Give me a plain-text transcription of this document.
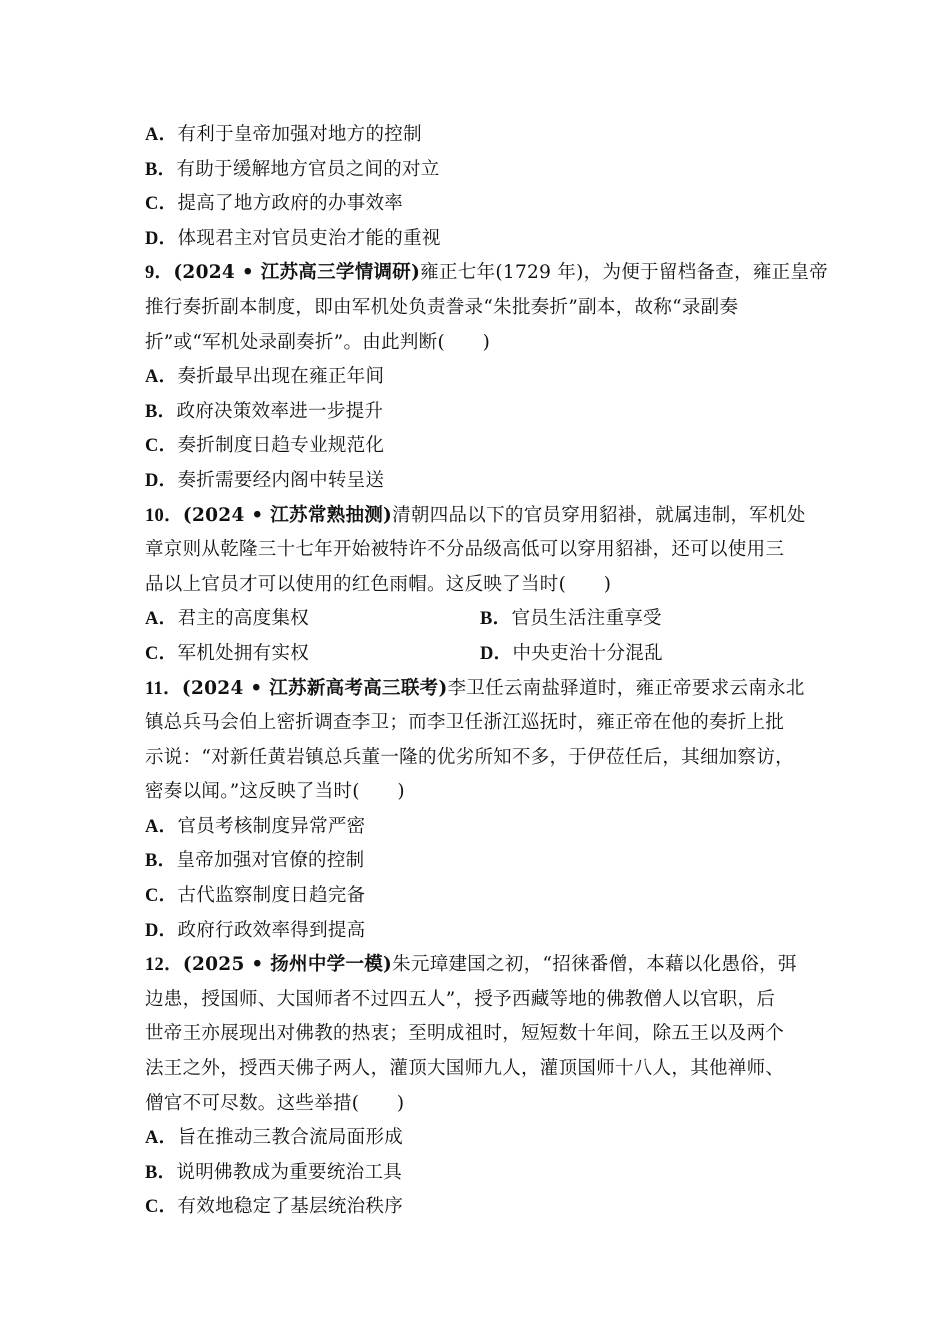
A．有利于皇帝加强对地方的控制
B．有助于缓解地方官员之间的对立
C．提高了地方政府的办事效率
D．体现君主对官员吏治才能的重视
9．(2024 • 江苏高三学情调研)雍正七年(1729 年)，为便于留档备查，雍正皇帝
推行奏折副本制度，即由军机处负责誊录“朱批奏折”副本，故称“录副奏
折”或“军机处录副奏折”。由此判断(　　)
A．奏折最早出现在雍正年间
B．政府决策效率进一步提升
C．奏折制度日趋专业规范化
D．奏折需要经内阁中转呈送
10．(2024 • 江苏常熟抽测)清朝四品以下的官员穿用貂褂，就属违制，军机处
章京则从乾隆三十七年开始被特许不分品级高低可以穿用貂褂，还可以使用三
品以上官员才可以使用的红色雨帽。这反映了当时(　　)
A．君主的高度集权	B．官员生活注重享受
C．军机处拥有实权	D．中央吏治十分混乱
11．(2024 • 江苏新高考高三联考)李卫任云南盐驿道时，雍正帝要求云南永北
镇总兵马会伯上密折调查李卫；而李卫任浙江巡抚时，雍正帝在他的奏折上批
示说：“对新任黄岩镇总兵董一隆的优劣所知不多，于伊莅任后，其细加察访，
密奏以闻。”这反映了当时(　　)
A．官员考核制度异常严密
B．皇帝加强对官僚的控制
C．古代监察制度日趋完备
D．政府行政效率得到提高
12．(2025 • 扬州中学一模)朱元璋建国之初，“招徕番僧，本藉以化愚俗，弭
边患，授国师、大国师者不过四五人”，授予西藏等地的佛教僧人以官职，后
世帝王亦展现出对佛教的热衷；至明成祖时，短短数十年间，除五王以及两个
法王之外，授西天佛子两人，灌顶大国师九人，灌顶国师十八人，其他禅师、
僧官不可尽数。这些举措(　　)
A．旨在推动三教合流局面形成
B．说明佛教成为重要统治工具
C．有效地稳定了基层统治秩序
